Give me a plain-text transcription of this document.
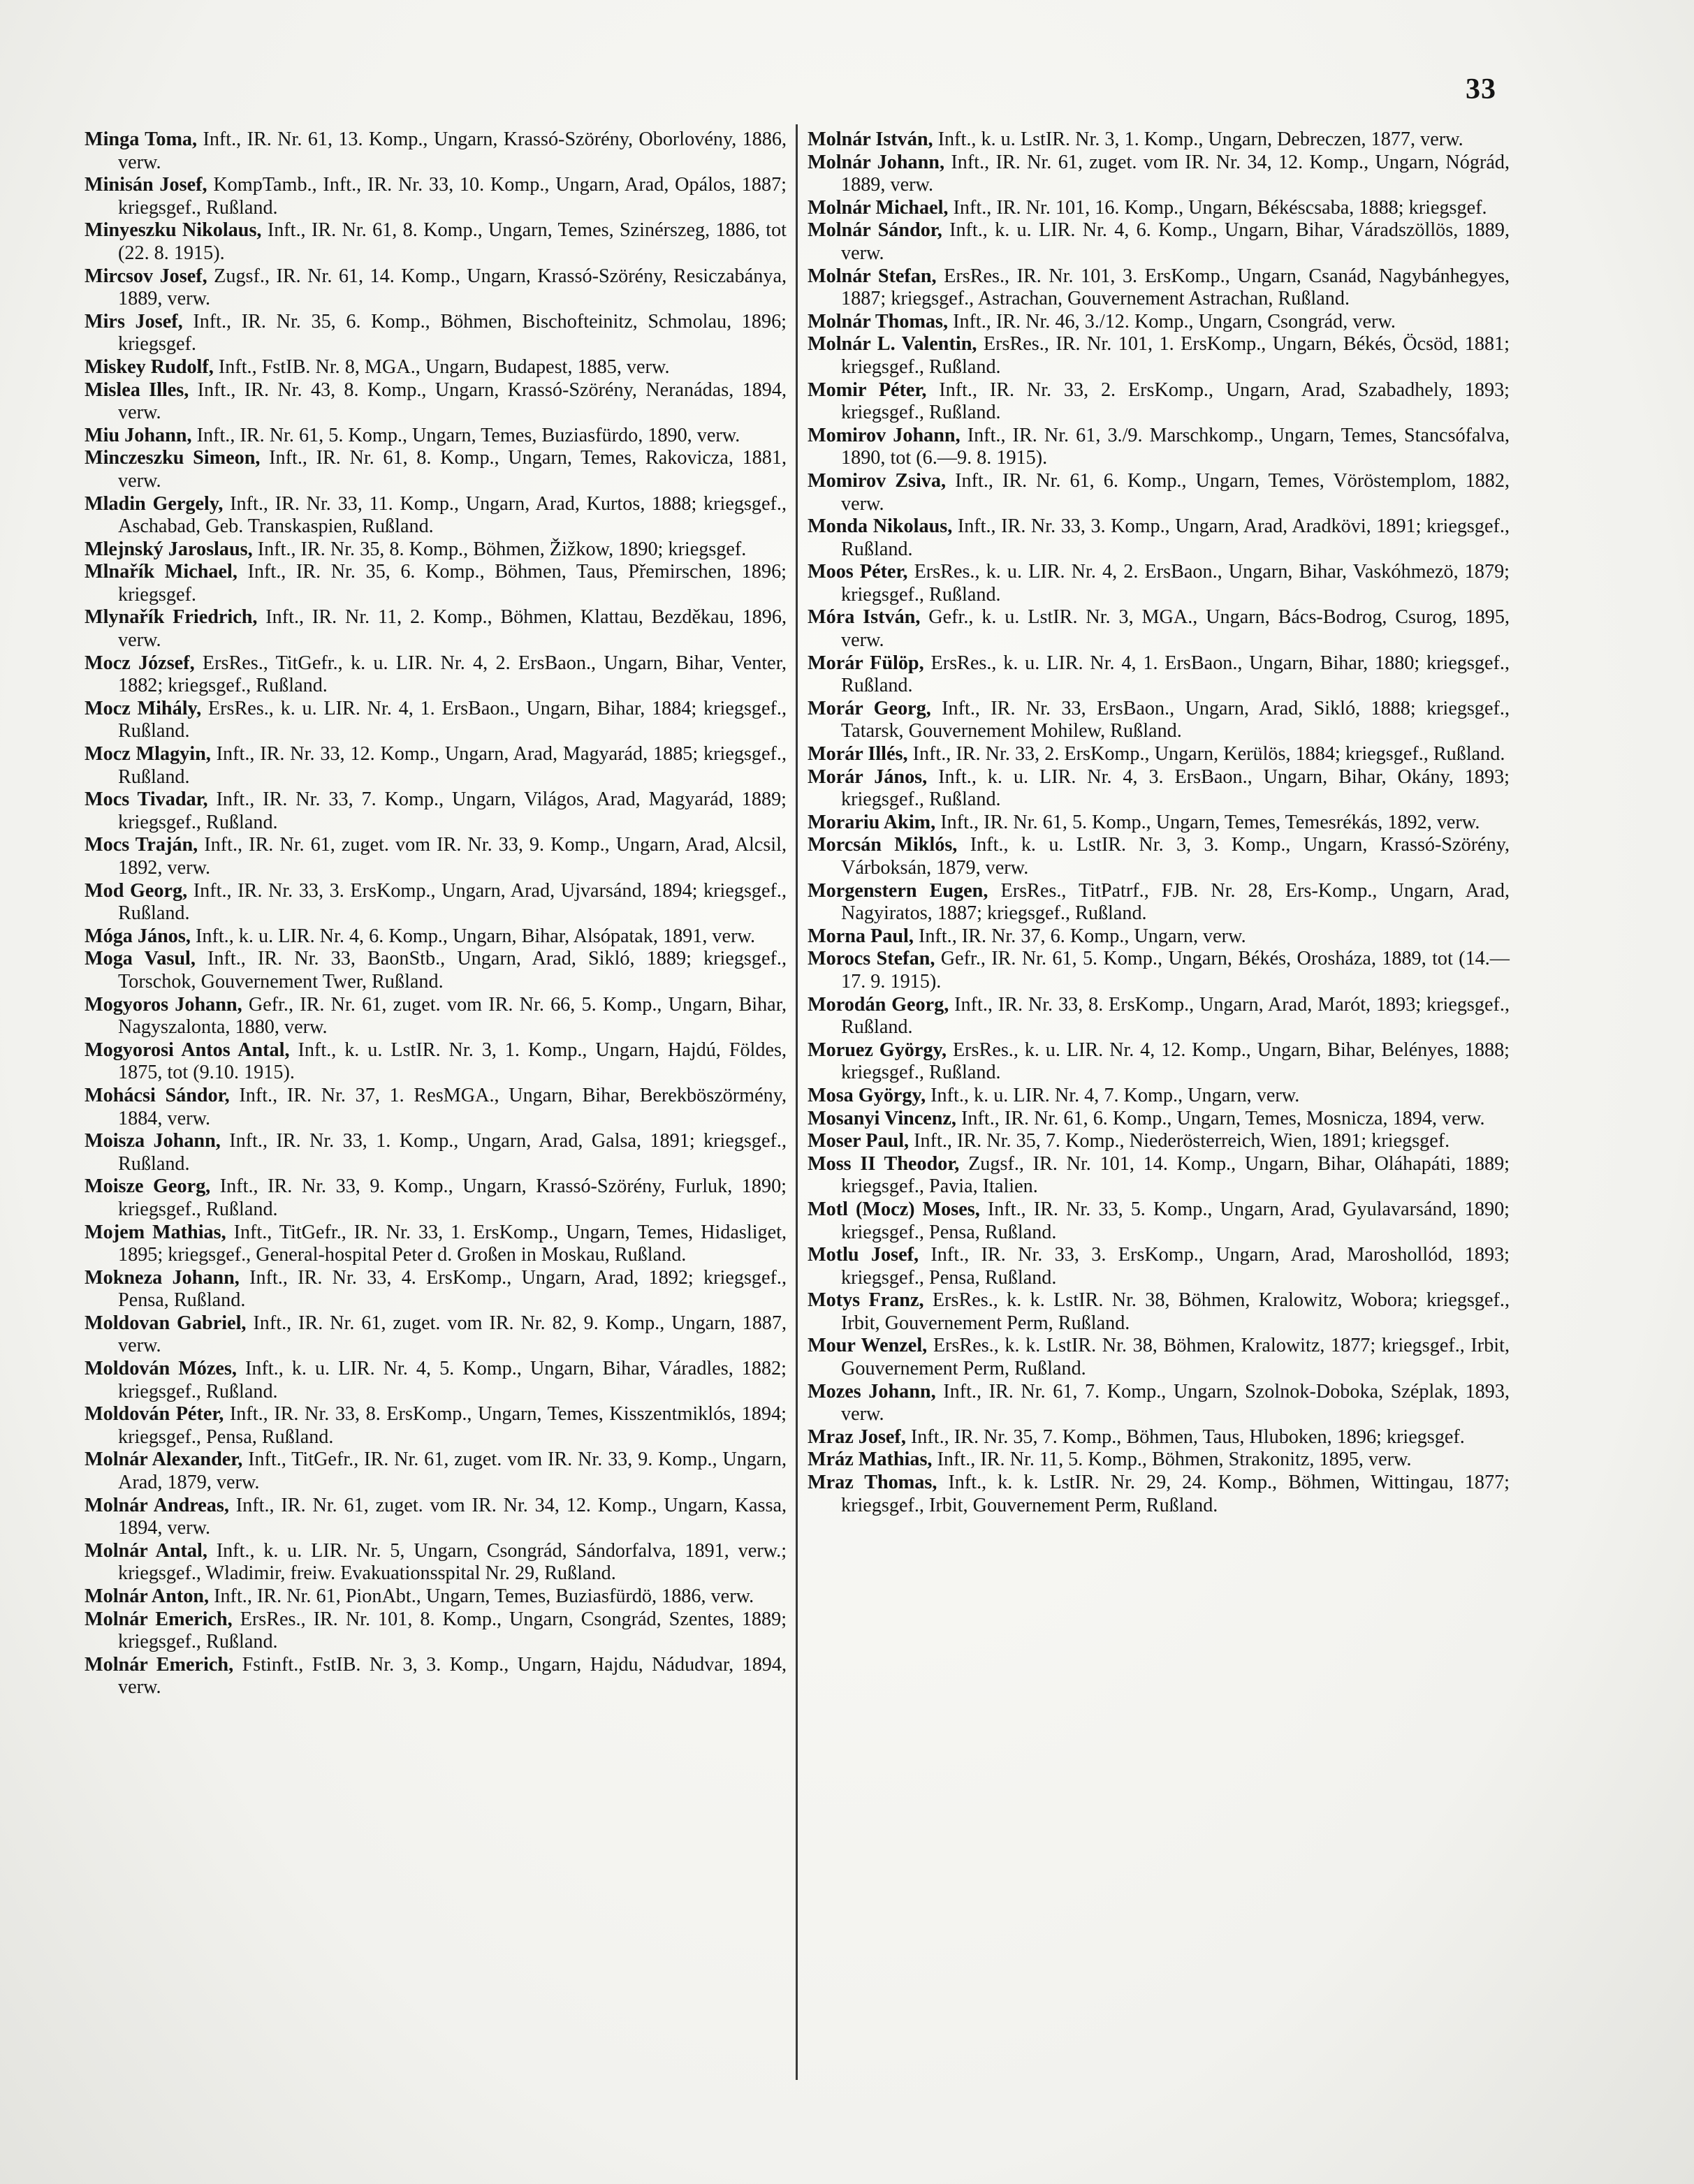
33
Minga Toma, Inft., IR. Nr. 61, 13. Komp., Ungarn, Krassó-Szörény, Oborlovény, 1886, verw.
Minisán Josef, KompTamb., Inft., IR. Nr. 33, 10. Komp., Ungarn, Arad, Opálos, 1887; kriegsgef., Rußland.
Minyeszku Nikolaus, Inft., IR. Nr. 61, 8. Komp., Ungarn, Temes, Szinérszeg, 1886, tot (22. 8. 1915).
Mircsov Josef, Zugsf., IR. Nr. 61, 14. Komp., Ungarn, Krassó-Szörény, Resiczabánya, 1889, verw.
Mirs Josef, Inft., IR. Nr. 35, 6. Komp., Böhmen, Bischofteinitz, Schmolau, 1896; kriegsgef.
Miskey Rudolf, Inft., FstIB. Nr. 8, MGA., Ungarn, Budapest, 1885, verw.
Mislea Illes, Inft., IR. Nr. 43, 8. Komp., Ungarn, Krassó-Szörény, Neranádas, 1894, verw.
Miu Johann, Inft., IR. Nr. 61, 5. Komp., Ungarn, Temes, Buziasfürdo, 1890, verw.
Minczeszku Simeon, Inft., IR. Nr. 61, 8. Komp., Ungarn, Temes, Rakovicza, 1881, verw.
Mladin Gergely, Inft., IR. Nr. 33, 11. Komp., Ungarn, Arad, Kurtos, 1888; kriegsgef., Aschabad, Geb. Transkaspien, Rußland.
Mlejnský Jaroslaus, Inft., IR. Nr. 35, 8. Komp., Böhmen, Žižkow, 1890; kriegsgef.
Mlnařík Michael, Inft., IR. Nr. 35, 6. Komp., Böhmen, Taus, Přemirschen, 1896; kriegsgef.
Mlynařík Friedrich, Inft., IR. Nr. 11, 2. Komp., Böhmen, Klattau, Bezděkau, 1896, verw.
Mocz József, ErsRes., TitGefr., k. u. LIR. Nr. 4, 2. ErsBaon., Ungarn, Bihar, Venter, 1882; kriegsgef., Rußland.
Mocz Mihály, ErsRes., k. u. LIR. Nr. 4, 1. ErsBaon., Ungarn, Bihar, 1884; kriegsgef., Rußland.
Mocz Mlagyin, Inft., IR. Nr. 33, 12. Komp., Ungarn, Arad, Magyarád, 1885; kriegsgef., Rußland.
Mocs Tivadar, Inft., IR. Nr. 33, 7. Komp., Ungarn, Világos, Arad, Magyarád, 1889; kriegsgef., Rußland.
Mocs Traján, Inft., IR. Nr. 61, zuget. vom IR. Nr. 33, 9. Komp., Ungarn, Arad, Alcsil, 1892, verw.
Mod Georg, Inft., IR. Nr. 33, 3. ErsKomp., Ungarn, Arad, Ujvarsánd, 1894; kriegsgef., Rußland.
Móga János, Inft., k. u. LIR. Nr. 4, 6. Komp., Ungarn, Bihar, Alsópatak, 1891, verw.
Moga Vasul, Inft., IR. Nr. 33, BaonStb., Ungarn, Arad, Sikló, 1889; kriegsgef., Torschok, Gouvernement Twer, Rußland.
Mogyoros Johann, Gefr., IR. Nr. 61, zuget. vom IR. Nr. 66, 5. Komp., Ungarn, Bihar, Nagyszalonta, 1880, verw.
Mogyorosi Antos Antal, Inft., k. u. LstIR. Nr. 3, 1. Komp., Ungarn, Hajdú, Földes, 1875, tot (9.10. 1915).
Mohácsi Sándor, Inft., IR. Nr. 37, 1. ResMGA., Ungarn, Bihar, Berekböszörmény, 1884, verw.
Moisza Johann, Inft., IR. Nr. 33, 1. Komp., Ungarn, Arad, Galsa, 1891; kriegsgef., Rußland.
Moisze Georg, Inft., IR. Nr. 33, 9. Komp., Ungarn, Krassó-Szörény, Furluk, 1890; kriegsgef., Rußland.
Mojem Mathias, Inft., TitGefr., IR. Nr. 33, 1. ErsKomp., Ungarn, Temes, Hidasliget, 1895; kriegsgef., General-hospital Peter d. Großen in Moskau, Rußland.
Mokneza Johann, Inft., IR. Nr. 33, 4. ErsKomp., Ungarn, Arad, 1892; kriegsgef., Pensa, Rußland.
Moldovan Gabriel, Inft., IR. Nr. 61, zuget. vom IR. Nr. 82, 9. Komp., Ungarn, 1887, verw.
Moldován Mózes, Inft., k. u. LIR. Nr. 4, 5. Komp., Ungarn, Bihar, Váradles, 1882; kriegsgef., Rußland.
Moldován Péter, Inft., IR. Nr. 33, 8. ErsKomp., Ungarn, Temes, Kisszentmiklós, 1894; kriegsgef., Pensa, Rußland.
Molnár Alexander, Inft., TitGefr., IR. Nr. 61, zuget. vom IR. Nr. 33, 9. Komp., Ungarn, Arad, 1879, verw.
Molnár Andreas, Inft., IR. Nr. 61, zuget. vom IR. Nr. 34, 12. Komp., Ungarn, Kassa, 1894, verw.
Molnár Antal, Inft., k. u. LIR. Nr. 5, Ungarn, Csongrád, Sándorfalva, 1891, verw.; kriegsgef., Wladimir, freiw. Evakuationsspital Nr. 29, Rußland.
Molnár Anton, Inft., IR. Nr. 61, PionAbt., Ungarn, Temes, Buziasfürdö, 1886, verw.
Molnár Emerich, ErsRes., IR. Nr. 101, 8. Komp., Ungarn, Csongrád, Szentes, 1889; kriegsgef., Rußland.
Molnár Emerich, Fstinft., FstIB. Nr. 3, 3. Komp., Ungarn, Hajdu, Nádudvar, 1894, verw.
Molnár István, Inft., k. u. LstIR. Nr. 3, 1. Komp., Ungarn, Debreczen, 1877, verw.
Molnár Johann, Inft., IR. Nr. 61, zuget. vom IR. Nr. 34, 12. Komp., Ungarn, Nógrád, 1889, verw.
Molnár Michael, Inft., IR. Nr. 101, 16. Komp., Ungarn, Békéscsaba, 1888; kriegsgef.
Molnár Sándor, Inft., k. u. LIR. Nr. 4, 6. Komp., Ungarn, Bihar, Váradszöllös, 1889, verw.
Molnár Stefan, ErsRes., IR. Nr. 101, 3. ErsKomp., Ungarn, Csanád, Nagybánhegyes, 1887; kriegsgef., Astrachan, Gouvernement Astrachan, Rußland.
Molnár Thomas, Inft., IR. Nr. 46, 3./12. Komp., Ungarn, Csongrád, verw.
Molnár L. Valentin, ErsRes., IR. Nr. 101, 1. ErsKomp., Ungarn, Békés, Öcsöd, 1881; kriegsgef., Rußland.
Momir Péter, Inft., IR. Nr. 33, 2. ErsKomp., Ungarn, Arad, Szabadhely, 1893; kriegsgef., Rußland.
Momirov Johann, Inft., IR. Nr. 61, 3./9. Marschkomp., Ungarn, Temes, Stancsófalva, 1890, tot (6.—9. 8. 1915).
Momirov Zsiva, Inft., IR. Nr. 61, 6. Komp., Ungarn, Temes, Vöröstemplom, 1882, verw.
Monda Nikolaus, Inft., IR. Nr. 33, 3. Komp., Ungarn, Arad, Aradkövi, 1891; kriegsgef., Rußland.
Moos Péter, ErsRes., k. u. LIR. Nr. 4, 2. ErsBaon., Ungarn, Bihar, Vaskóhmezö, 1879; kriegsgef., Rußland.
Móra István, Gefr., k. u. LstIR. Nr. 3, MGA., Ungarn, Bács-Bodrog, Csurog, 1895, verw.
Morár Fülöp, ErsRes., k. u. LIR. Nr. 4, 1. ErsBaon., Ungarn, Bihar, 1880; kriegsgef., Rußland.
Morár Georg, Inft., IR. Nr. 33, ErsBaon., Ungarn, Arad, Sikló, 1888; kriegsgef., Tatarsk, Gouvernement Mohilew, Rußland.
Morár Illés, Inft., IR. Nr. 33, 2. ErsKomp., Ungarn, Kerülös, 1884; kriegsgef., Rußland.
Morár János, Inft., k. u. LIR. Nr. 4, 3. ErsBaon., Ungarn, Bihar, Okány, 1893; kriegsgef., Rußland.
Morariu Akim, Inft., IR. Nr. 61, 5. Komp., Ungarn, Temes, Temesrékás, 1892, verw.
Morcsán Miklós, Inft., k. u. LstIR. Nr. 3, 3. Komp., Ungarn, Krassó-Szörény, Várboksán, 1879, verw.
Morgenstern Eugen, ErsRes., TitPatrf., FJB. Nr. 28, Ers-Komp., Ungarn, Arad, Nagyiratos, 1887; kriegsgef., Rußland.
Morna Paul, Inft., IR. Nr. 37, 6. Komp., Ungarn, verw.
Morocs Stefan, Gefr., IR. Nr. 61, 5. Komp., Ungarn, Békés, Orosháza, 1889, tot (14.—17. 9. 1915).
Morodán Georg, Inft., IR. Nr. 33, 8. ErsKomp., Ungarn, Arad, Marót, 1893; kriegsgef., Rußland.
Moruez György, ErsRes., k. u. LIR. Nr. 4, 12. Komp., Ungarn, Bihar, Belényes, 1888; kriegsgef., Rußland.
Mosa György, Inft., k. u. LIR. Nr. 4, 7. Komp., Ungarn, verw.
Mosanyi Vincenz, Inft., IR. Nr. 61, 6. Komp., Ungarn, Temes, Mosnicza, 1894, verw.
Moser Paul, Inft., IR. Nr. 35, 7. Komp., Niederösterreich, Wien, 1891; kriegsgef.
Moss II Theodor, Zugsf., IR. Nr. 101, 14. Komp., Ungarn, Bihar, Oláhapáti, 1889; kriegsgef., Pavia, Italien.
Motl (Mocz) Moses, Inft., IR. Nr. 33, 5. Komp., Ungarn, Arad, Gyulavarsánd, 1890; kriegsgef., Pensa, Rußland.
Motlu Josef, Inft., IR. Nr. 33, 3. ErsKomp., Ungarn, Arad, Maroshollód, 1893; kriegsgef., Pensa, Rußland.
Motys Franz, ErsRes., k. k. LstIR. Nr. 38, Böhmen, Kralowitz, Wobora; kriegsgef., Irbit, Gouvernement Perm, Rußland.
Mour Wenzel, ErsRes., k. k. LstIR. Nr. 38, Böhmen, Kralowitz, 1877; kriegsgef., Irbit, Gouvernement Perm, Rußland.
Mozes Johann, Inft., IR. Nr. 61, 7. Komp., Ungarn, Szolnok-Doboka, Széplak, 1893, verw.
Mraz Josef, Inft., IR. Nr. 35, 7. Komp., Böhmen, Taus, Hluboken, 1896; kriegsgef.
Mráz Mathias, Inft., IR. Nr. 11, 5. Komp., Böhmen, Strakonitz, 1895, verw.
Mraz Thomas, Inft., k. k. LstIR. Nr. 29, 24. Komp., Böhmen, Wittingau, 1877; kriegsgef., Irbit, Gouvernement Perm, Rußland.
